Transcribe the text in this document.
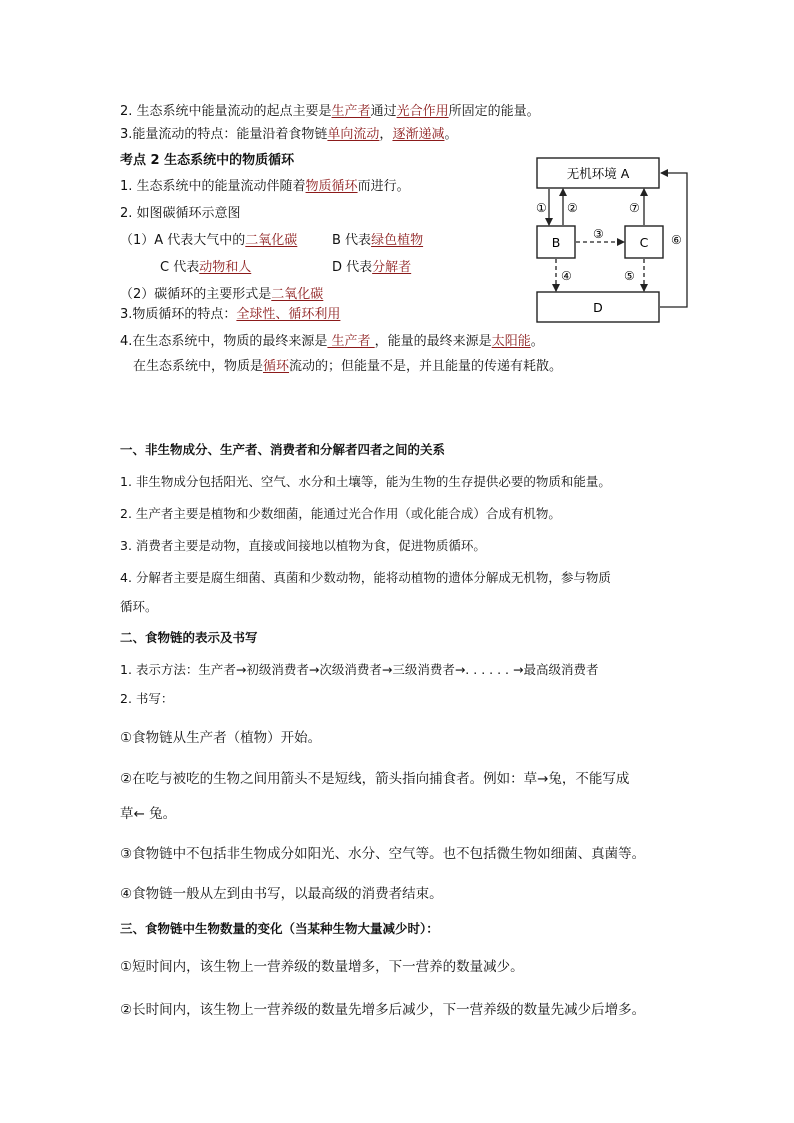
2. 生态系统中能量流动的起点主要是生产者通过光合作用所固定的能量。
3.能量流动的特点：能量沿着食物链单向流动，逐渐递减。
考点 2 生态系统中的物质循环
1. 生态系统中的能量流动伴随着物质循环而进行。
2. 如图碳循环示意图
（1）A 代表大气中的二氧化碳	B 代表绿色植物
C 代表动物和人	D 代表分解者
（2）碳循环的主要形式是二氧化碳
3.物质循环的特点：全球性、循环利用
4.在生态系统中，物质的最终来源是 生产者 ，能量的最终来源是太阳能。
在生态系统中，物质是循环流动的；但能量不是，并且能量的传递有耗散。
无机环境 A
B	C
D
① ②
③
⑦
④	⑤
⑥
一、非生物成分、生产者、消费者和分解者四者之间的关系
1. 非生物成分包括阳光、空气、水分和土壤等，能为生物的生存提供必要的物质和能量。
2. 生产者主要是植物和少数细菌，能通过光合作用（或化能合成）合成有机物。
3. 消费者主要是动物，直接或间接地以植物为食，促进物质循环。
4. 分解者主要是腐生细菌、真菌和少数动物，能将动植物的遗体分解成无机物，参与物质
循环。
二、食物链的表示及书写
1. 表示方法：生产者→初级消费者→次级消费者→三级消费者→. . . . . . →最高级消费者
2. 书写：
①食物链从生产者（植物）开始。
②在吃与被吃的生物之间用箭头不是短线，箭头指向捕食者。例如：草→兔，不能写成
草← 兔。
③食物链中不包括非生物成分如阳光、水分、空气等。也不包括微生物如细菌、真菌等。
④食物链一般从左到由书写，以最高级的消费者结束。
三、食物链中生物数量的变化（当某种生物大量减少时）：
①短时间内，该生物上一营养级的数量增多，下一营养的数量减少。
②长时间内，该生物上一营养级的数量先增多后减少，下一营养级的数量先减少后增多。
